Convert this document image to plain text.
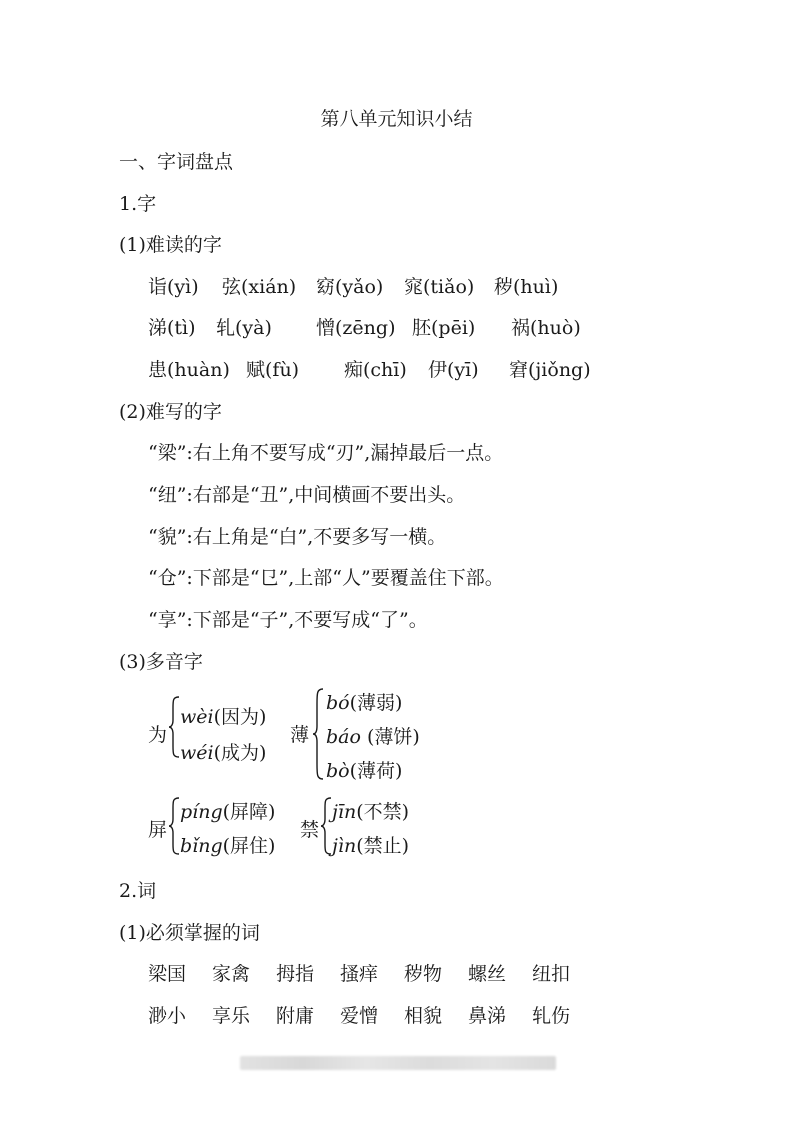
第八单元知识小结
一、字词盘点
1.字
(1)难读的字
诣(yì) 弦(xián) 窈(yǎo) 窕(tiǎo) 秽(huì)
涕(tì) 轧(yà) 憎(zēng) 胚(pēi) 祸(huò)
患(huàn) 赋(fù) 痴(chī) 伊(yī) 窘(jiǒng)
(2)难写的字
“梁”:右上角不要写成“刃”,漏掉最后一点。
“纽”:右部是“丑”,中间横画不要出头。
“貌”:右上角是“白”,不要多写一横。
“仓”:下部是“㔾”,上部“人”要覆盖住下部。
“享”:下部是“子”,不要写成“了”。
(3)多音字
为
wèi(因为)
wéi(成为)
薄
bó(薄弱)
báo (薄饼)
bò(薄荷)
屏
píng(屏障)
bǐng(屏住)
禁
jīn(不禁)
jìn(禁止)
2.词
(1)必须掌握的词
梁国 家禽 拇指 搔痒 秽物 螺丝 纽扣
渺小 享乐 附庸 爱憎 相貌 鼻涕 轧伤
